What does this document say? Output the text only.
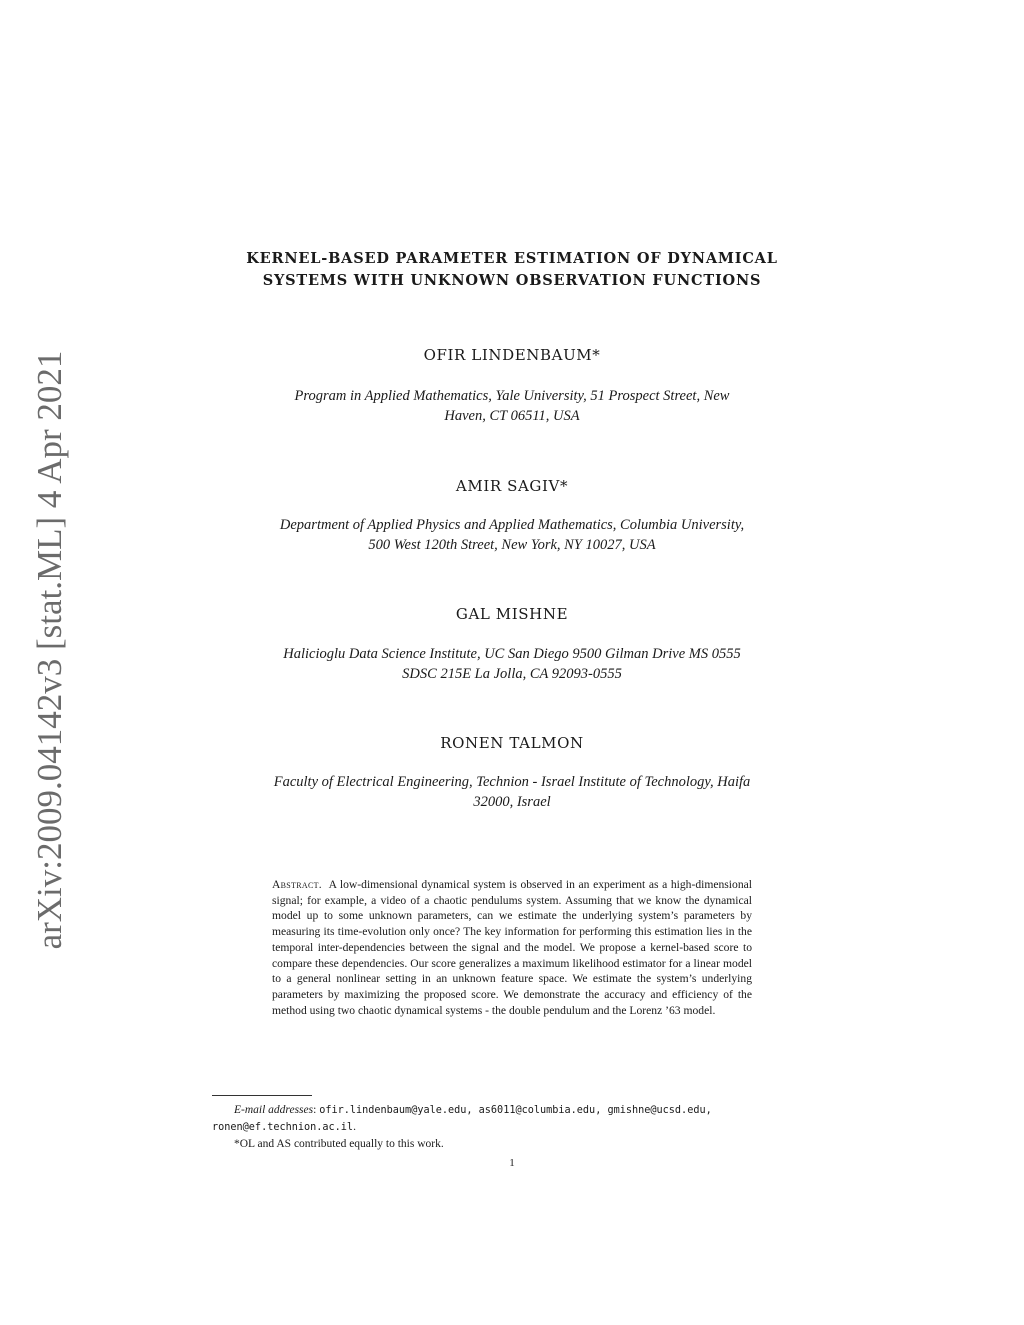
arXiv:2009.04142v3 [stat.ML] 4 Apr 2021
KERNEL-BASED PARAMETER ESTIMATION OF DYNAMICAL
SYSTEMS WITH UNKNOWN OBSERVATION FUNCTIONS
OFIR LINDENBAUM*
Program in Applied Mathematics, Yale University, 51 Prospect Street, New
Haven, CT 06511, USA
AMIR SAGIV*
Department of Applied Physics and Applied Mathematics, Columbia University,
500 West 120th Street, New York, NY 10027, USA
GAL MISHNE
Halicioglu Data Science Institute, UC San Diego 9500 Gilman Drive MS 0555
SDSC 215E La Jolla, CA 92093-0555
RONEN TALMON
Faculty of Electrical Engineering, Technion - Israel Institute of Technology, Haifa
32000, Israel
Abstract. A low-dimensional dynamical system is observed in an experiment as a high-dimensional signal; for example, a video of a chaotic pendulums system. Assuming that we know the dynamical model up to some unknown parameters, can we estimate the underlying system’s parameters by measuring its time-evolution only once? The key information for performing this estimation lies in the temporal inter-dependencies between the signal and the model. We propose a kernel-based score to compare these dependencies. Our score generalizes a maximum likelihood estimator for a linear model to a general nonlinear setting in an unknown feature space. We estimate the system’s underlying parameters by maximizing the proposed score. We demonstrate the accuracy and efficiency of the method using two chaotic dynamical systems - the double pendulum and the Lorenz ’63 model.
E-mail addresses: ofir.lindenbaum@yale.edu, as6011@columbia.edu, gmishne@ucsd.edu,
ronen@ef.technion.ac.il.
*OL and AS contributed equally to this work.
1
